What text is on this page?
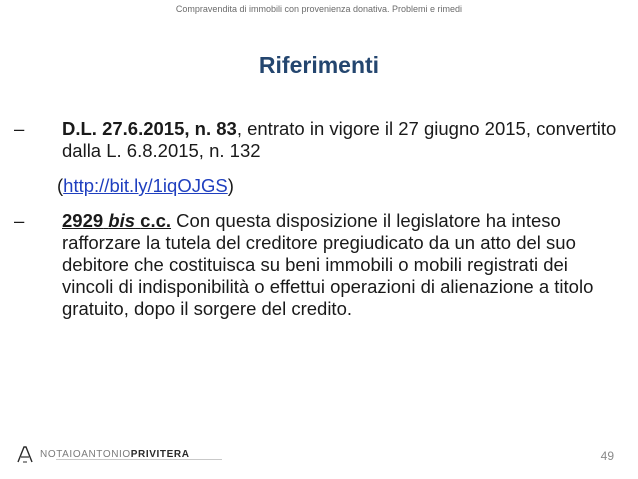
Compravendita di immobili con provenienza donativa. Problemi e rimedi
Riferimenti

–	D.L. 27.6.2015, n. 83, entrato in vigore il 27 giugno 2015, convertito dalla L. 6.8.2015, n. 132

(http://bit.ly/1iqOJGS)

–	2929 bis c.c. Con questa disposizione il legislatore ha inteso rafforzare la tutela del creditore pregiudicato da un atto del suo debitore che costituisca su beni immobili o mobili registrati dei vincoli di indisponibilità o effettui operazioni di alienazione a titolo gratuito, dopo il sorgere del credito.

NOTAIOANTONIOPRIVITERA	49
